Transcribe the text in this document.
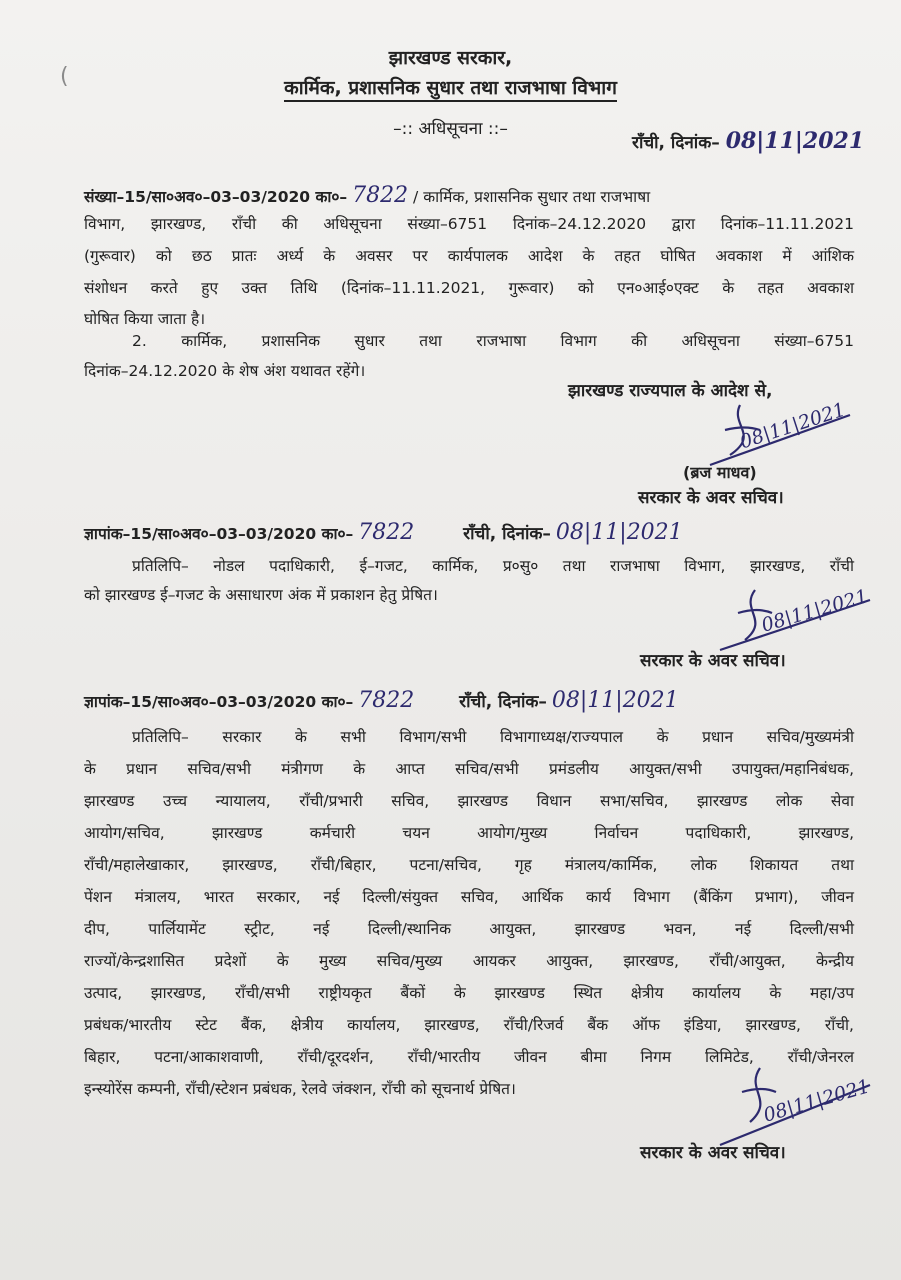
(
झारखण्ड सरकार,
कार्मिक, प्रशासनिक सुधार तथा राजभाषा विभाग
–:: अधिसूचना ::–
राँची, दिनांक– 08|11|2021
संख्या–15/सा०अव०–03–03/2020 का०– 7822 / कार्मिक, प्रशासनिक सुधार तथा राजभाषा
विभाग, झारखण्ड, राँची की अधिसूचना संख्या–6751 दिनांक–24.12.2020 द्वारा दिनांक–11.11.2021
(गुरूवार) को छठ प्रातः अर्ध्य के अवसर पर कार्यपालक आदेश के तहत घोषित अवकाश में आंशिक
संशोधन करते हुए उक्त तिथि (दिनांक–11.11.2021, गुरूवार) को एन०आई०एक्ट के तहत अवकाश
घोषित किया जाता है।
2. कार्मिक, प्रशासनिक सुधार तथा राजभाषा विभाग की अधिसूचना संख्या–6751
दिनांक–24.12.2020 के शेष अंश यथावत रहेंगे।
झारखण्ड राज्यपाल के आदेश से,
08|11|2021
(ब्रज माधव)
सरकार के अवर सचिव।
ज्ञापांक–15/सा०अव०–03–03/2020 का०– 7822	राँची, दिनांक– 08|11|2021
प्रतिलिपि– नोडल पदाधिकारी, ई–गजट, कार्मिक, प्र०सु० तथा राजभाषा विभाग, झारखण्ड, राँची
को झारखण्ड ई–गजट के असाधारण अंक में प्रकाशन हेतु प्रेषित।	08|11|2021
सरकार के अवर सचिव।
ज्ञापांक–15/सा०अव०–03–03/2020 का०– 7822	राँची, दिनांक– 08|11|2021
प्रतिलिपि– सरकार के सभी विभाग/सभी विभागाध्यक्ष/राज्यपाल के प्रधान सचिव/मुख्यमंत्री
के प्रधान सचिव/सभी मंत्रीगण के आप्त सचिव/सभी प्रमंडलीय आयुक्त/सभी उपायुक्त/महानिबंधक,
झारखण्ड उच्च न्यायालय, राँची/प्रभारी सचिव, झारखण्ड विधान सभा/सचिव, झारखण्ड लोक सेवा
आयोग/सचिव, झारखण्ड कर्मचारी चयन आयोग/मुख्य निर्वाचन पदाधिकारी, झारखण्ड,
राँची/महालेखाकार, झारखण्ड, राँची/बिहार, पटना/सचिव, गृह मंत्रालय/कार्मिक, लोक शिकायत तथा
पेंशन मंत्रालय, भारत सरकार, नई दिल्ली/संयुक्त सचिव, आर्थिक कार्य विभाग (बैंकिंग प्रभाग), जीवन
दीप, पार्लियामेंट स्ट्रीट, नई दिल्ली/स्थानिक आयुक्त, झारखण्ड भवन, नई दिल्ली/सभी
राज्यों/केन्द्रशासित प्रदेशों के मुख्य सचिव/मुख्य आयकर आयुक्त, झारखण्ड, राँची/आयुक्त, केन्द्रीय
उत्पाद, झारखण्ड, राँची/सभी राष्ट्रीयकृत बैंकों के झारखण्ड स्थित क्षेत्रीय कार्यालय के महा/उप
प्रबंधक/भारतीय स्टेट बैंक, क्षेत्रीय कार्यालय, झारखण्ड, राँची/रिजर्व बैंक ऑफ इंडिया, झारखण्ड, राँची,
बिहार, पटना/आकाशवाणी, राँची/दूरदर्शन, राँची/भारतीय जीवन बीमा निगम लिमिटेड, राँची/जेनरल
इन्स्योरेंस कम्पनी, राँची/स्टेशन प्रबंधक, रेलवे जंक्शन, राँची को सूचनार्थ प्रेषित।	08|11|2021
सरकार के अवर सचिव।
